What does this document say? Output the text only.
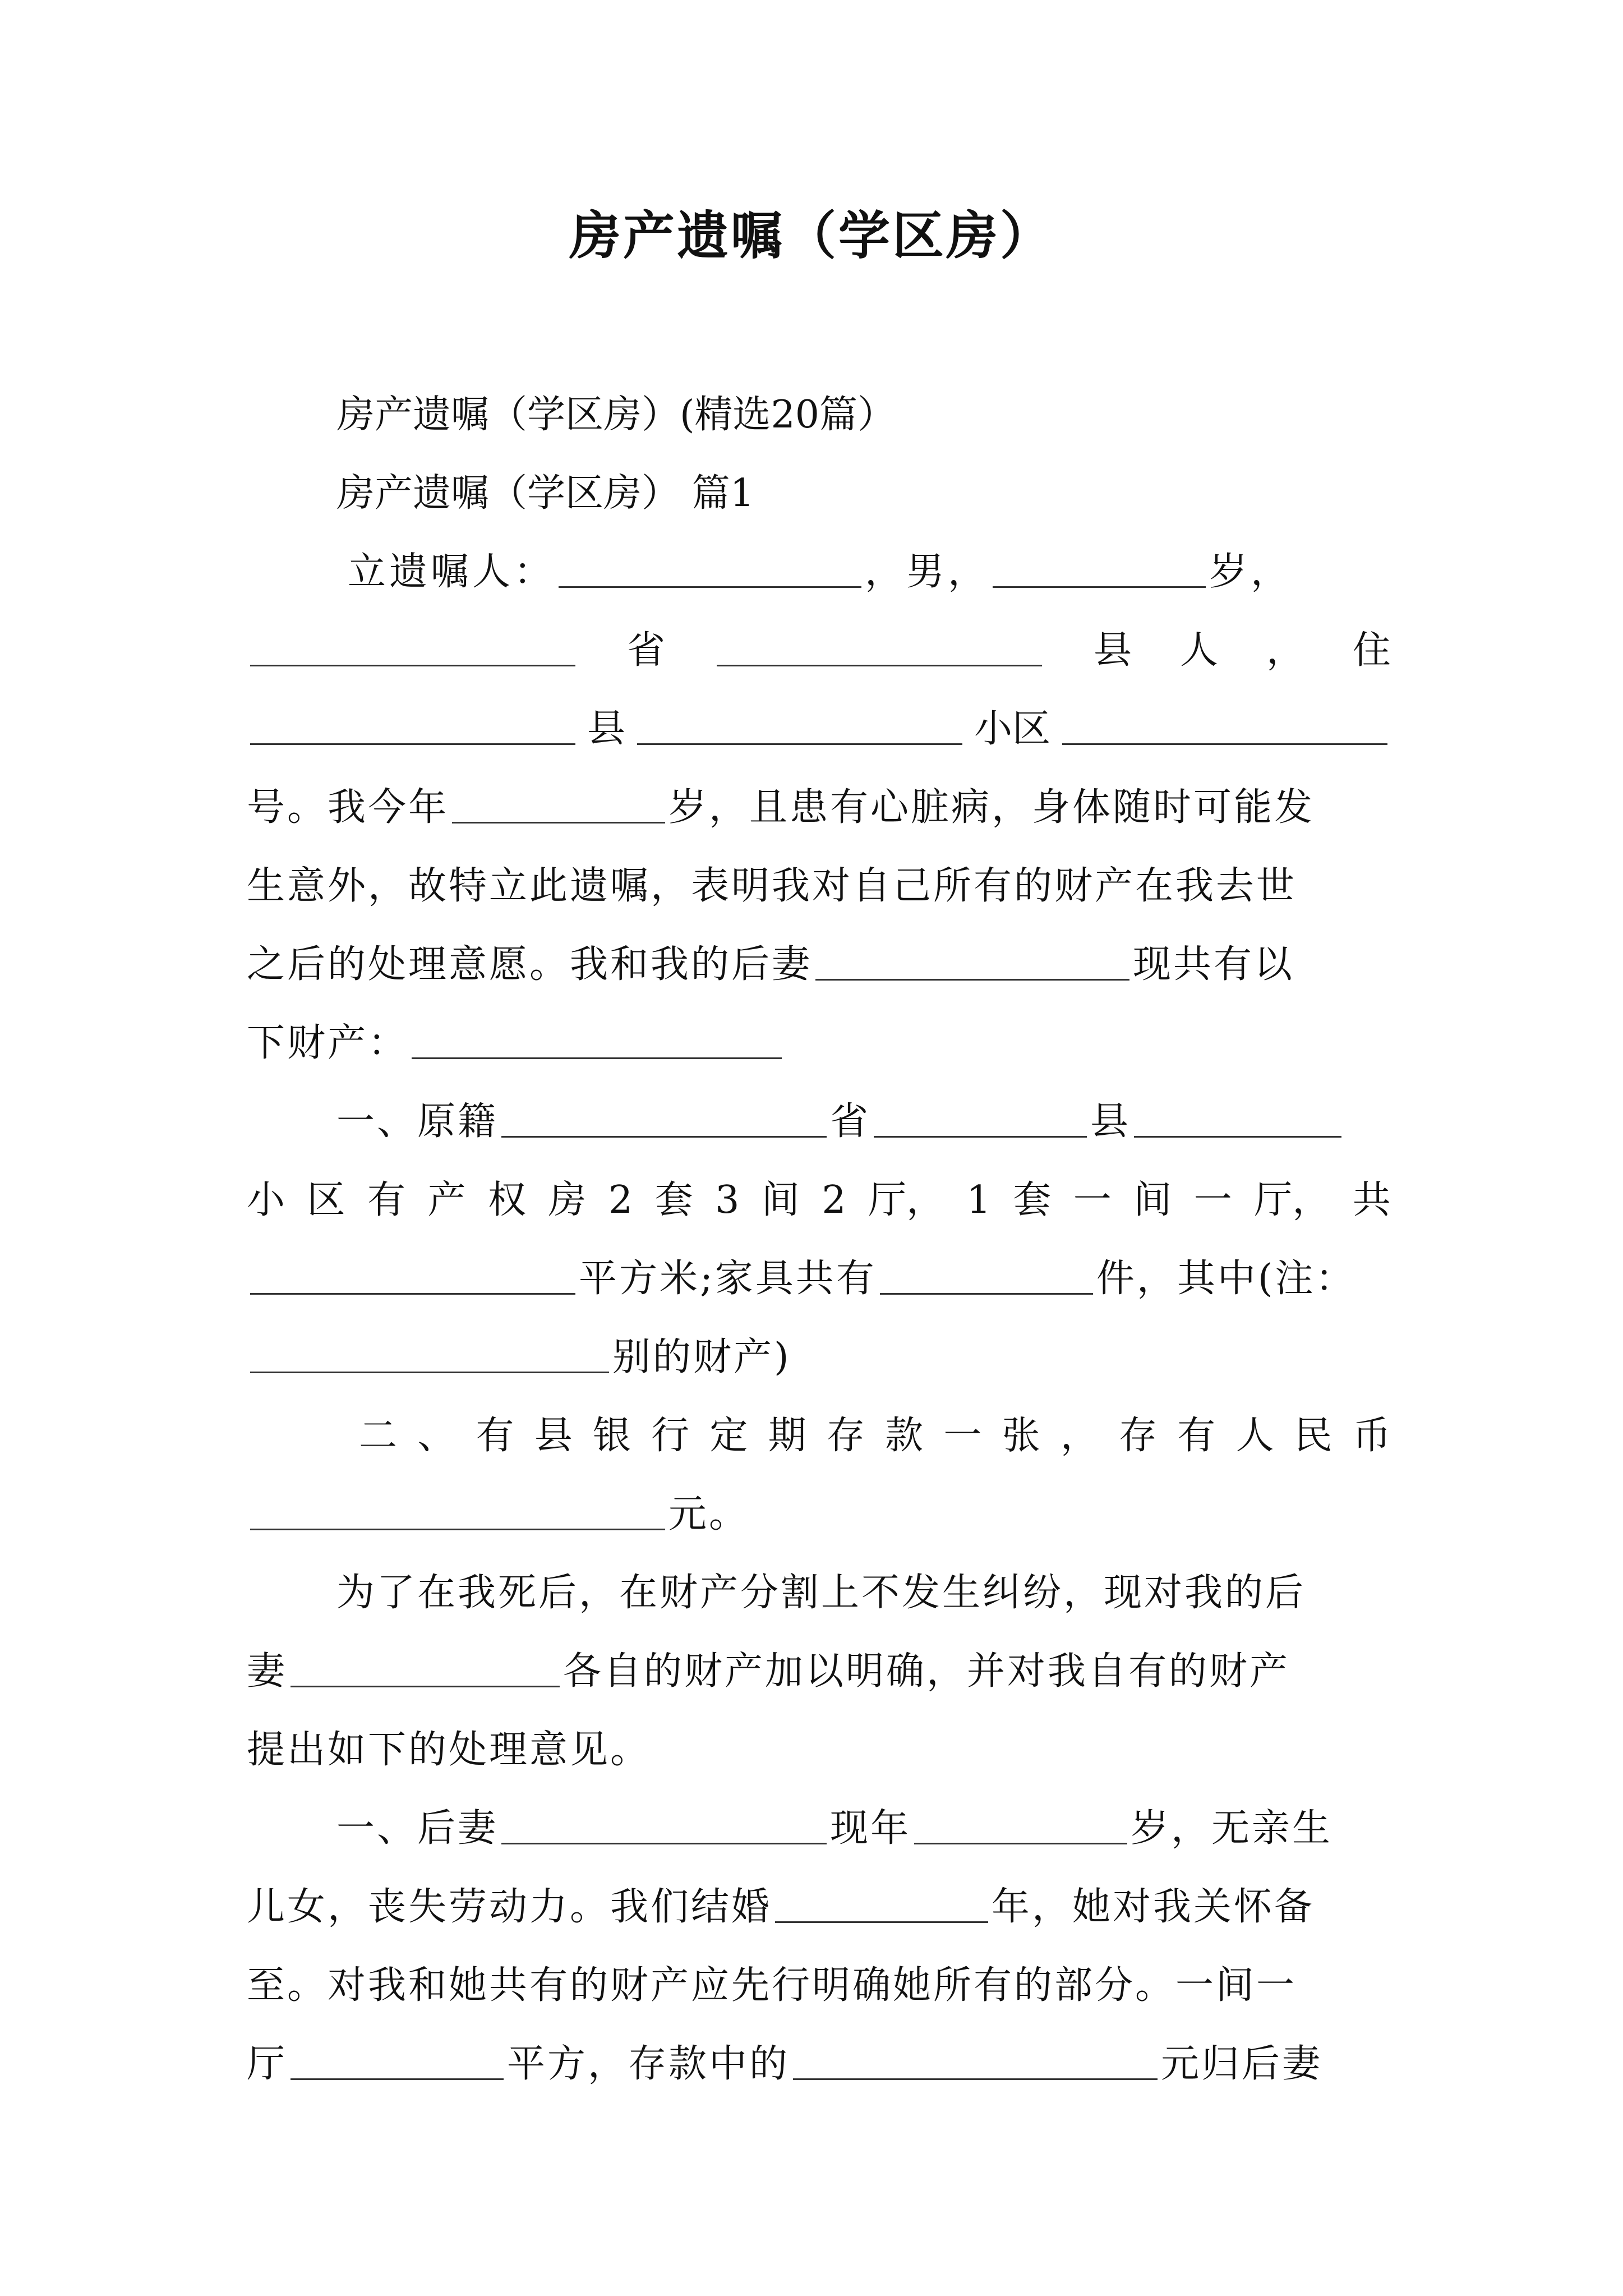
房产遗嘱（学区房）
房产遗嘱（学区房）(精选20篇）
房产遗嘱（学区房） 篇1
立遗嘱人：	，男，	岁，
省	县 人 ， 住
县	小区
号。我今年	岁，且患有心脏病，身体随时可能发
生意外，故特立此遗嘱，表明我对自己所有的财产在我去世
之后的处理意愿。我和我的后妻	现共有以
下财产：
一、原籍	省	县
小 区 有 产 权 房 2 套 3 间 2 厅， 1 套 一 间 一 厅， 共
平方米;家具共有	件，其中(注：
别的财产)
二 、 有 县 银 行 定 期 存 款 一 张 ， 存 有 人 民 币
元。
为了在我死后，在财产分割上不发生纠纷，现对我的后
妻	各自的财产加以明确，并对我自有的财产
提出如下的处理意见。
一、后妻	现年	岁，无亲生
儿女，丧失劳动力。我们结婚	年，她对我关怀备
至。对我和她共有的财产应先行明确她所有的部分。一间一
厅	平方，存款中的	元归后妻
